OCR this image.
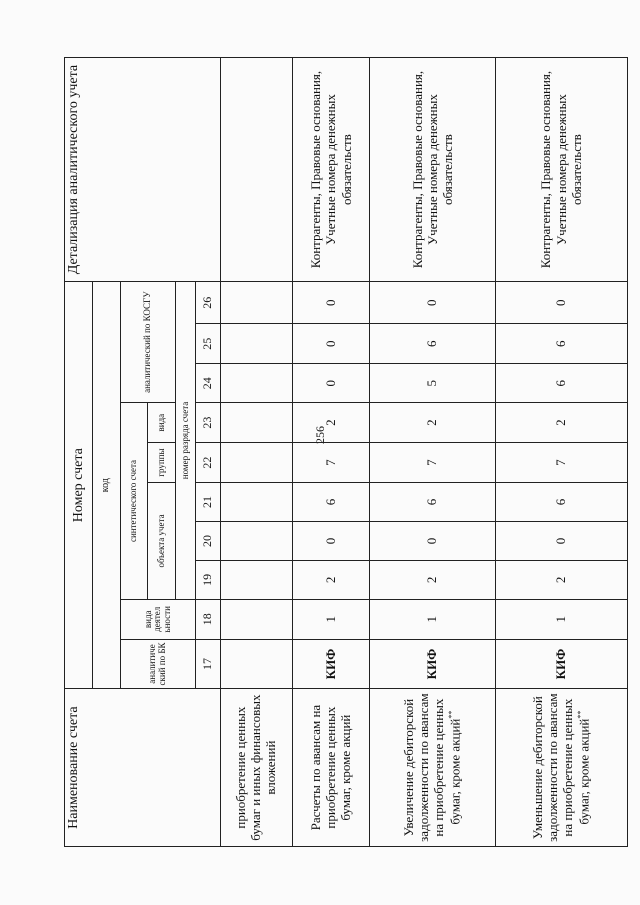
256
Наименование счета	Номер счета										Детализация аналитического учета
	код										
	аналитиче ский по БК	вида деятел ьности	синтетического счета					аналитический по КОСГУ			
			объекта учета			группы	вида				
			номер разряда счета								
	17	18	19	20	21	22	23	24	25	26	
приобретение ценных бумаг и иных финансовых вложений											
Расчеты по авансам на приобретение ценных бумаг, кроме акций	КИФ	1	2	0	6	7	2	0	0	0	Контрагенты, Правовые основания, Учетные номера денежных обязательств
Увеличение дебиторской задолженности по авансам на приобретение ценных бумаг, кроме акций**	КИФ	1	2	0	6	7	2	5	6	0	Контрагенты, Правовые основания, Учетные номера денежных обязательств
Уменьшение дебиторской задолженности по авансам на приобретение ценных бумаг, кроме акций**	КИФ	1	2	0	6	7	2	6	6	0	Контрагенты, Правовые основания, Учетные номера денежных обязательств
